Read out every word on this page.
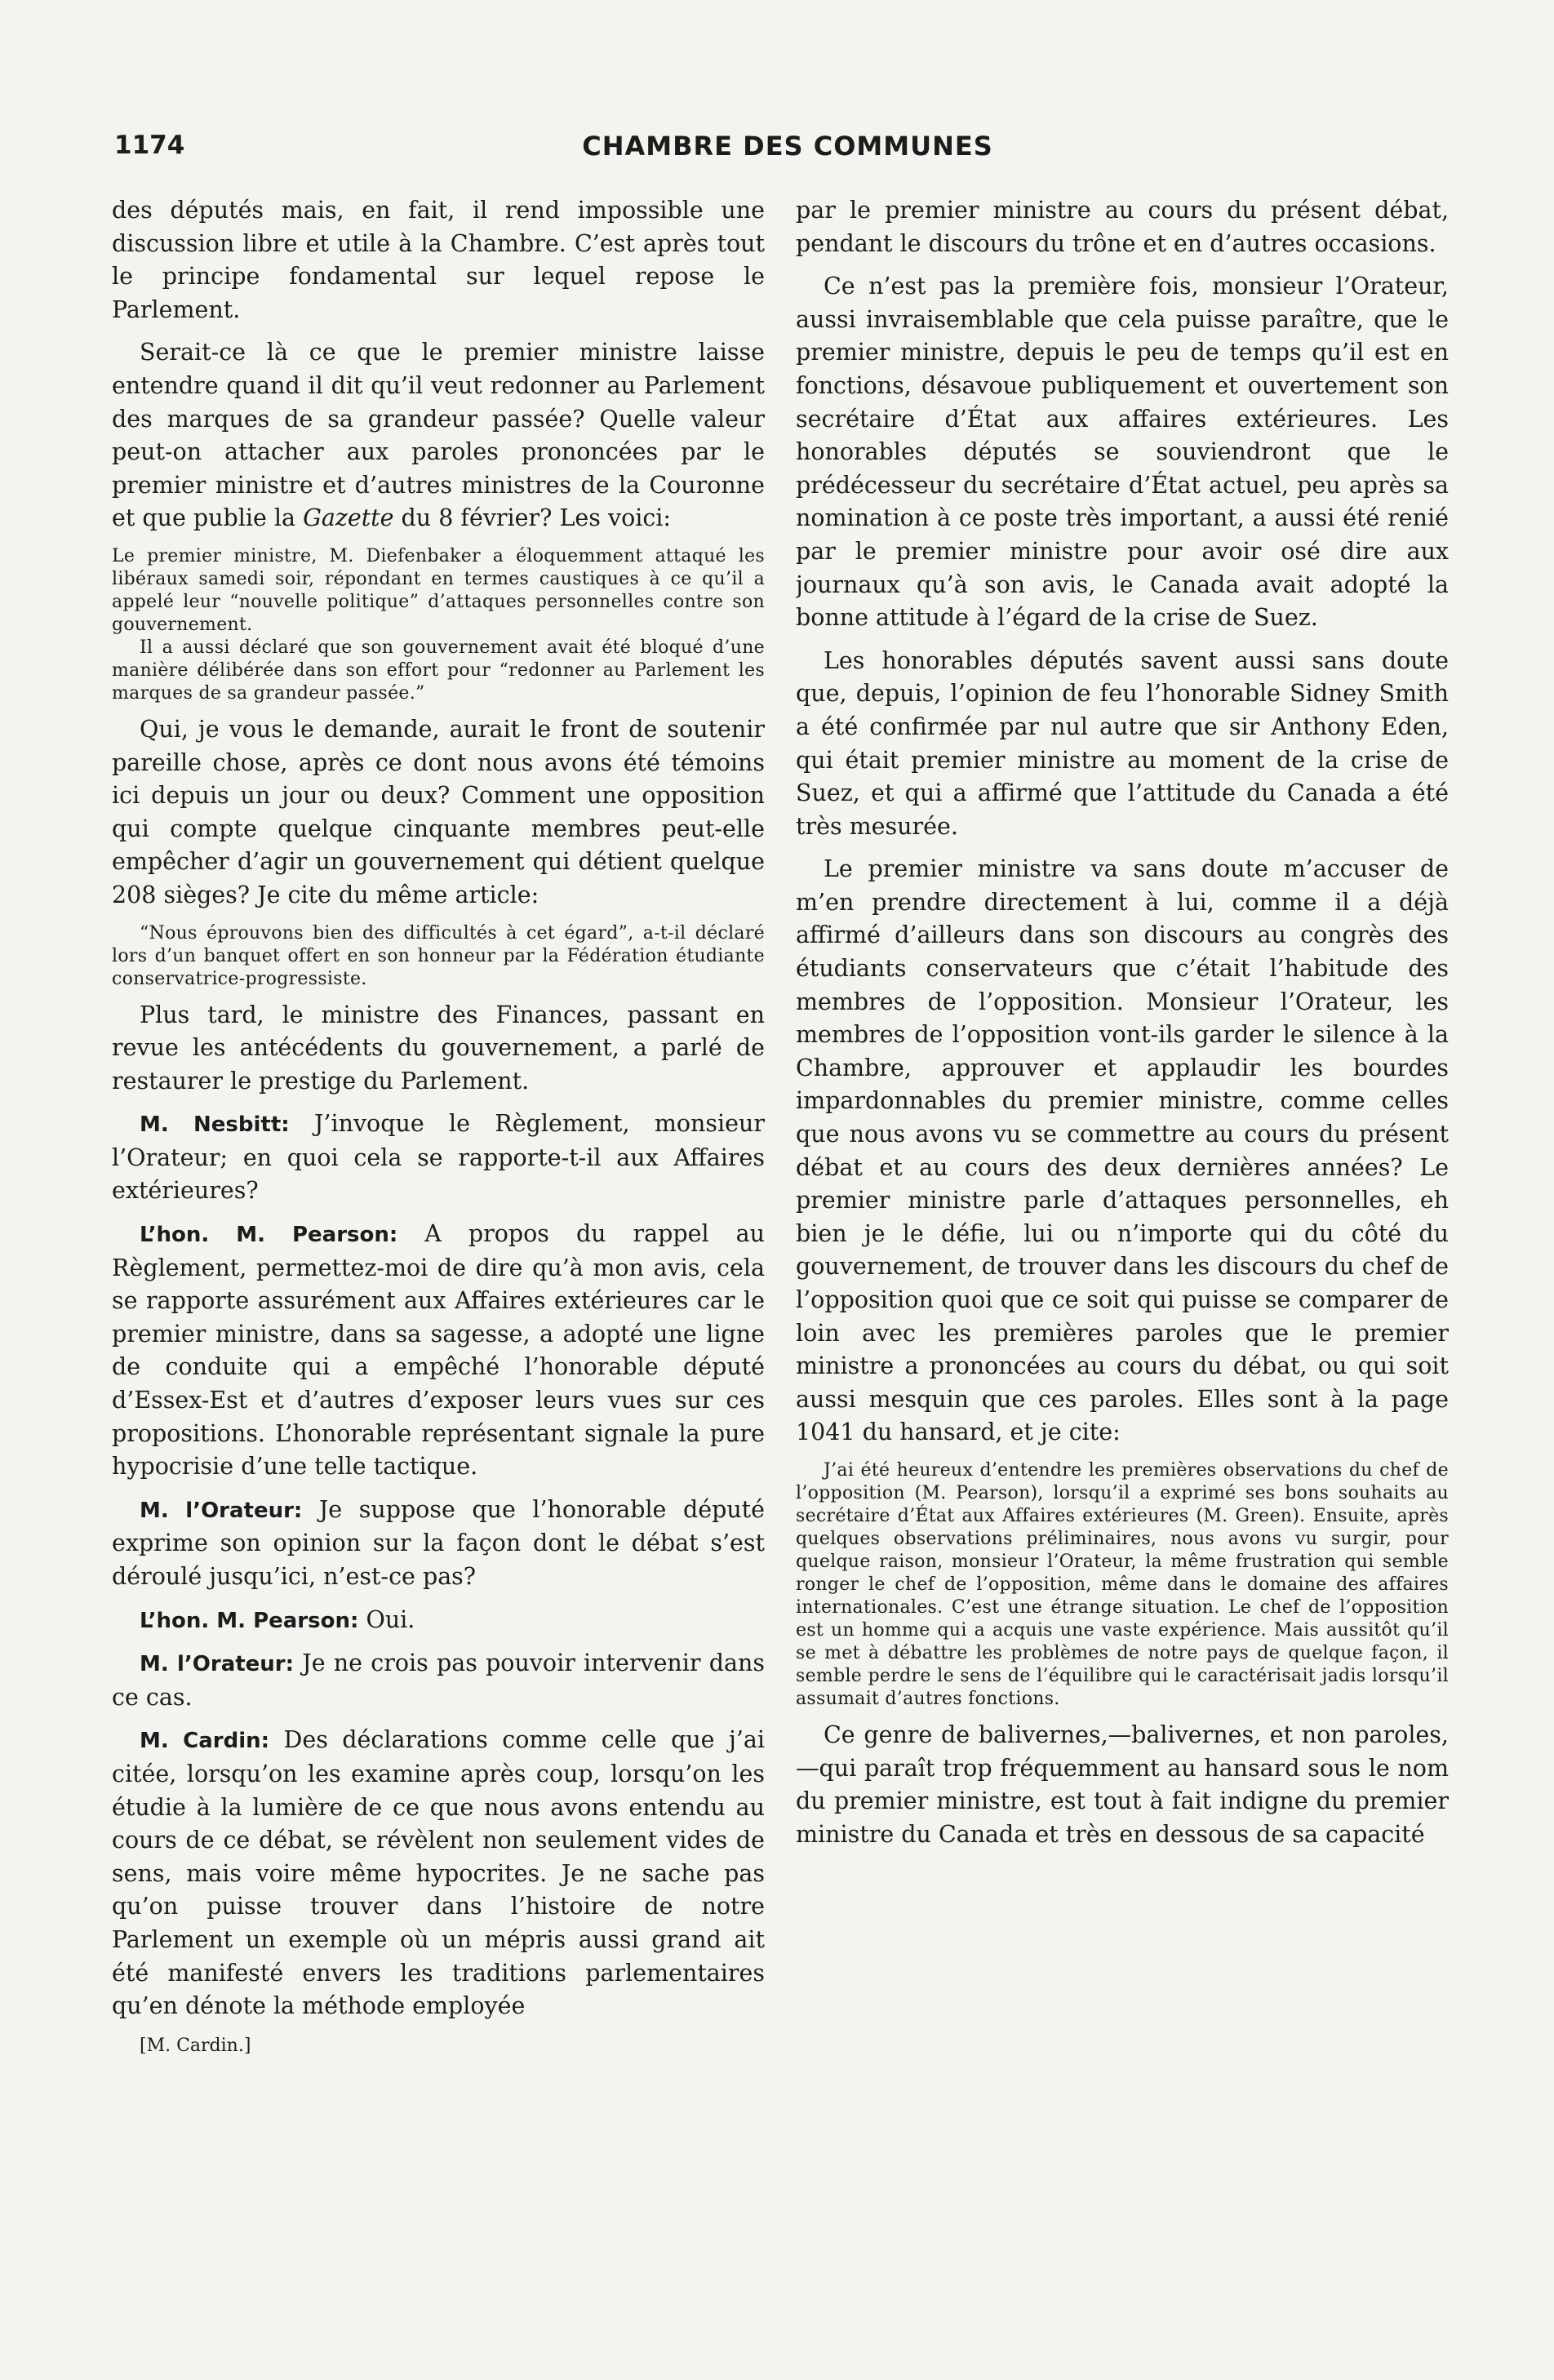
1174	CHAMBRE DES COMMUNES

des députés mais, en fait, il rend impossible une discussion libre et utile à la Chambre. C’est après tout le principe fondamental sur lequel repose le Parlement.

Serait-ce là ce que le premier ministre laisse entendre quand il dit qu’il veut redonner au Parlement des marques de sa grandeur passée? Quelle valeur peut-on attacher aux paroles prononcées par le premier ministre et d’autres ministres de la Couronne et que publie la Gazette du 8 février? Les voici:

Le premier ministre, M. Diefenbaker a éloquemment attaqué les libéraux samedi soir, répondant en termes caustiques à ce qu’il a appelé leur “nouvelle politique” d’attaques personnelles contre son gouvernement.

Il a aussi déclaré que son gouvernement avait été bloqué d’une manière délibérée dans son effort pour “redonner au Parlement les marques de sa grandeur passée.”

Qui, je vous le demande, aurait le front de soutenir pareille chose, après ce dont nous avons été témoins ici depuis un jour ou deux? Comment une opposition qui compte quelque cinquante membres peut-elle empêcher d’agir un gouvernement qui détient quelque 208 sièges? Je cite du même article:

“Nous éprouvons bien des difficultés à cet égard”, a-t-il déclaré lors d’un banquet offert en son honneur par la Fédération étudiante conservatrice-progressiste.

Plus tard, le ministre des Finances, passant en revue les antécédents du gouvernement, a parlé de restaurer le prestige du Parlement.

M. Nesbitt: J’invoque le Règlement, monsieur l’Orateur; en quoi cela se rapporte-t-il aux Affaires extérieures?

L’hon. M. Pearson: A propos du rappel au Règlement, permettez-moi de dire qu’à mon avis, cela se rapporte assurément aux Affaires extérieures car le premier ministre, dans sa sagesse, a adopté une ligne de conduite qui a empêché l’honorable député d’Essex-Est et d’autres d’exposer leurs vues sur ces propositions. L’honorable représentant signale la pure hypocrisie d’une telle tactique.

M. l’Orateur: Je suppose que l’honorable député exprime son opinion sur la façon dont le débat s’est déroulé jusqu’ici, n’est-ce pas?

L’hon. M. Pearson: Oui.

M. l’Orateur: Je ne crois pas pouvoir intervenir dans ce cas.

M. Cardin: Des déclarations comme celle que j’ai citée, lorsqu’on les examine après coup, lorsqu’on les étudie à la lumière de ce que nous avons entendu au cours de ce débat, se révèlent non seulement vides de sens, mais voire même hypocrites. Je ne sache pas qu’on puisse trouver dans l’histoire de notre Parlement un exemple où un mépris aussi grand ait été manifesté envers les traditions parlementaires qu’en dénote la méthode employée

[M. Cardin.]

par le premier ministre au cours du présent débat, pendant le discours du trône et en d’autres occasions.

Ce n’est pas la première fois, monsieur l’Orateur, aussi invraisemblable que cela puisse paraître, que le premier ministre, depuis le peu de temps qu’il est en fonctions, désavoue publiquement et ouvertement son secrétaire d’État aux affaires extérieures. Les honorables députés se souviendront que le prédécesseur du secrétaire d’État actuel, peu après sa nomination à ce poste très important, a aussi été renié par le premier ministre pour avoir osé dire aux journaux qu’à son avis, le Canada avait adopté la bonne attitude à l’égard de la crise de Suez.

Les honorables députés savent aussi sans doute que, depuis, l’opinion de feu l’honorable Sidney Smith a été confirmée par nul autre que sir Anthony Eden, qui était premier ministre au moment de la crise de Suez, et qui a affirmé que l’attitude du Canada a été très mesurée.

Le premier ministre va sans doute m’accuser de m’en prendre directement à lui, comme il a déjà affirmé d’ailleurs dans son discours au congrès des étudiants conservateurs que c’était l’habitude des membres de l’opposition. Monsieur l’Orateur, les membres de l’opposition vont-ils garder le silence à la Chambre, approuver et applaudir les bourdes impardonnables du premier ministre, comme celles que nous avons vu se commettre au cours du présent débat et au cours des deux dernières années? Le premier ministre parle d’attaques personnelles, eh bien je le défie, lui ou n’importe qui du côté du gouvernement, de trouver dans les discours du chef de l’opposition quoi que ce soit qui puisse se comparer de loin avec les premières paroles que le premier ministre a prononcées au cours du débat, ou qui soit aussi mesquin que ces paroles. Elles sont à la page 1041 du hansard, et je cite:

J’ai été heureux d’entendre les premières observations du chef de l’opposition (M. Pearson), lorsqu’il a exprimé ses bons souhaits au secrétaire d’État aux Affaires extérieures (M. Green). Ensuite, après quelques observations préliminaires, nous avons vu surgir, pour quelque raison, monsieur l’Orateur, la même frustration qui semble ronger le chef de l’opposition, même dans le domaine des affaires internationales. C’est une étrange situation. Le chef de l’opposition est un homme qui a acquis une vaste expérience. Mais aussitôt qu’il se met à débattre les problèmes de notre pays de quelque façon, il semble perdre le sens de l’équilibre qui le caractérisait jadis lorsqu’il assumait d’autres fonctions.

Ce genre de balivernes,—balivernes, et non paroles,—qui paraît trop fréquemment au hansard sous le nom du premier ministre, est tout à fait indigne du premier ministre du Canada et très en dessous de sa capacité
